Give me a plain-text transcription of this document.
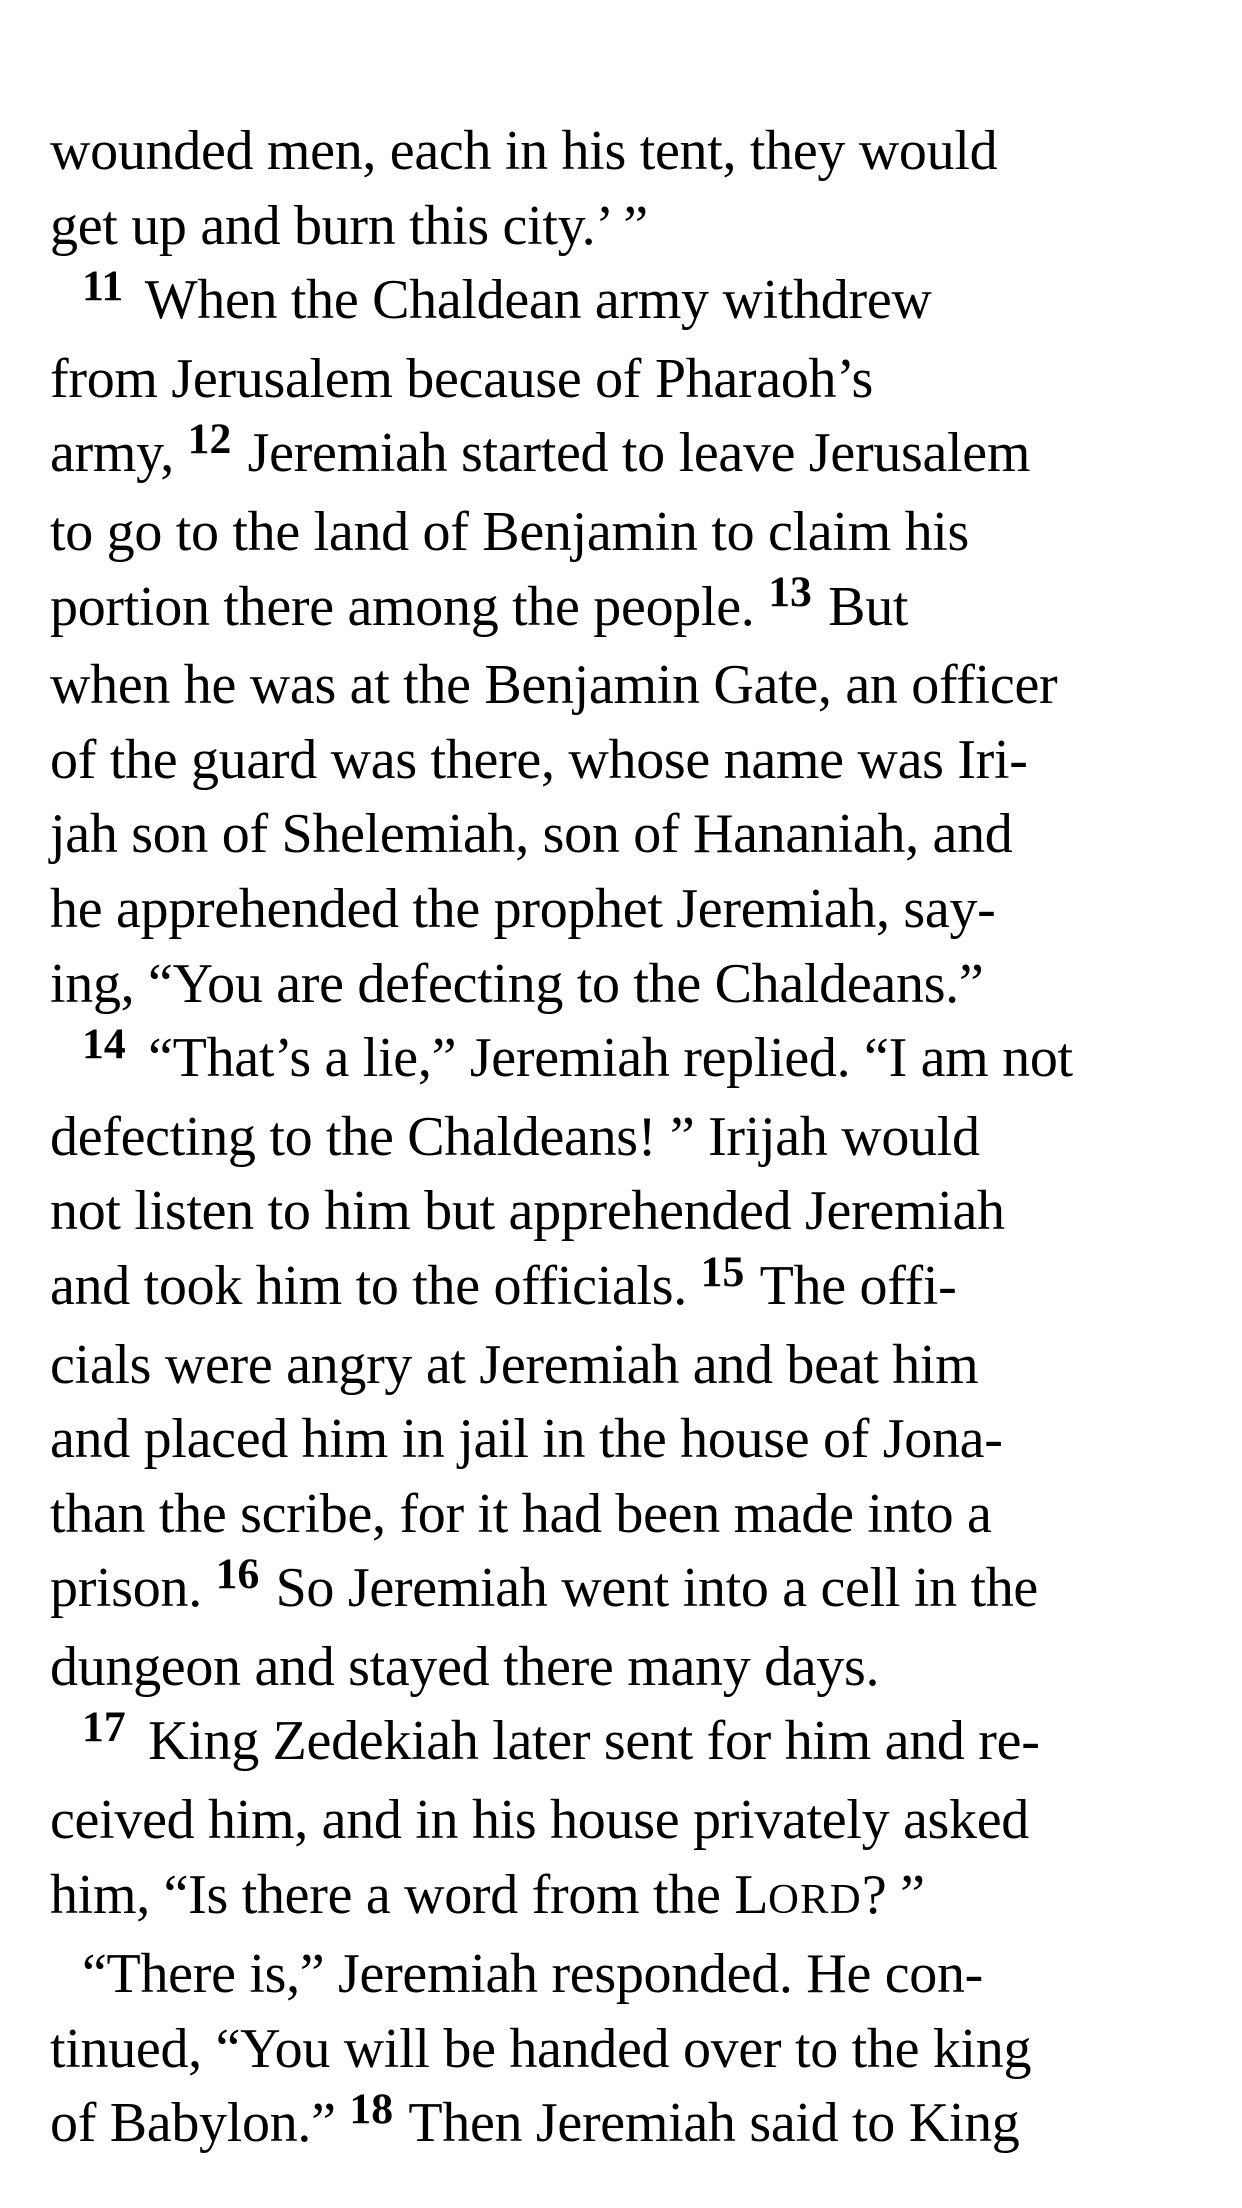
wounded men, each in his tent, they would
get up and burn this city.’ ”
$^{11}$ When the Chaldean army withdrew
from Jerusalem because of Pharaoh’s
army, $^{12}$ Jeremiah started to leave Jerusalem
to go to the land of Benjamin to claim his
portion there among the people. $^{13}$ But
when he was at the Benjamin Gate, an officer
of the guard was there, whose name was Iri-
jah son of Shelemiah, son of Hananiah, and
he apprehended the prophet Jeremiah, say-
ing, “You are defecting to the Chaldeans.”
$^{14}$ “That’s a lie,” Jeremiah replied. “I am not
defecting to the Chaldeans! ” Irijah would
not listen to him but apprehended Jeremiah
and took him to the officials. $^{15}$ The offi-
cials were angry at Jeremiah and beat him
and placed him in jail in the house of Jona-
than the scribe, for it had been made into a
prison. $^{16}$ So Jeremiah went into a cell in the
dungeon and stayed there many days.
$^{17}$ King Zedekiah later sent for him and re-
ceived him, and in his house privately asked
him, “Is there a word from the LORD? ”
“There is,” Jeremiah responded. He con-
tinued, “You will be handed over to the king
of Babylon.” $^{18}$ Then Jeremiah said to King
